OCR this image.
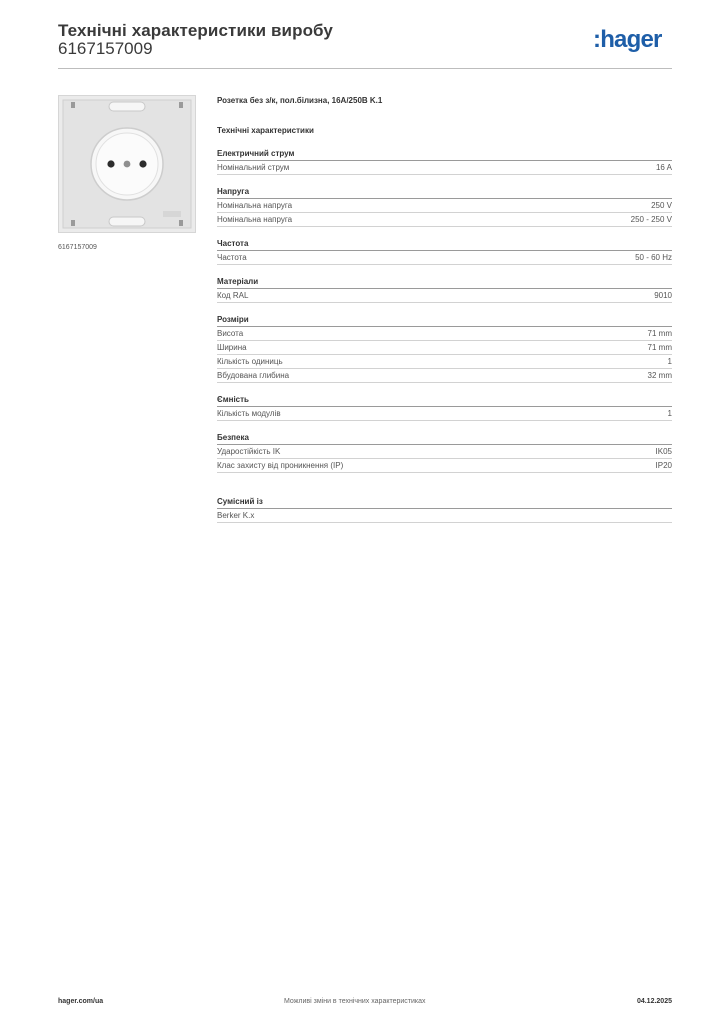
Технічні характеристики виробу
6167157009	:hager
6167157009
Розетка без з/к, пол.білизна, 16A/250В K.1
Технічні характеристики
Електричний струм
Номінальний струм	16 A
Напруга
Номінальна напруга	250 V
Номінальна напруга	250 - 250 V
Частота
Частота	50 - 60 Hz
Матеріали
Код RAL	9010
Розміри
Висота	71 mm
Ширина	71 mm
Кількість одиниць	1
Вбудована глибина	32 mm
Ємність
Кількість модулів	1
Безпека
Ударостійкість IK	IK05
Клас захисту від проникнення (IP)	IP20
Сумісний із
Berker K.x
hager.com/ua	Можливі зміни в технічних характеристиках	04.12.2025
